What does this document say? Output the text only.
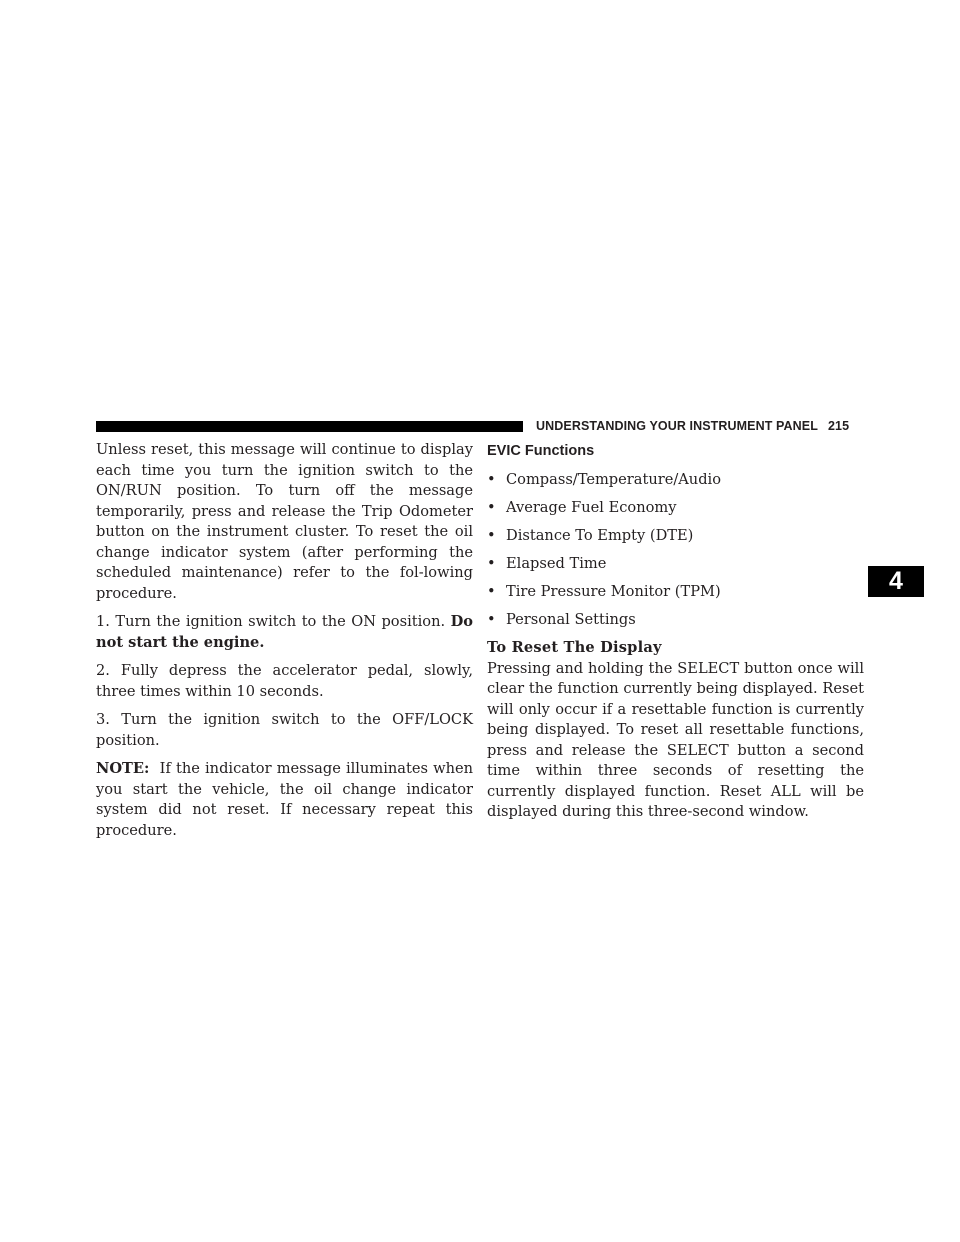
UNDERSTANDING YOUR INSTRUMENT PANEL 215
4

Unless reset, this message will continue to display each time you turn the ignition switch to the ON/RUN position. To turn off the message temporarily, press and release the Trip Odometer button on the instrument cluster. To reset the oil change indicator system (after performing the scheduled maintenance) refer to the fol-lowing procedure.

1. Turn the ignition switch to the ON position. Do not start the engine.

2. Fully depress the accelerator pedal, slowly, three times within 10 seconds.

3. Turn the ignition switch to the OFF/LOCK position.

NOTE:  If the indicator message illuminates when you start the vehicle, the oil change indicator system did not reset. If necessary repeat this procedure.

EVIC Functions
• Compass/Temperature/Audio
• Average Fuel Economy
• Distance To Empty (DTE)
• Elapsed Time
• Tire Pressure Monitor (TPM)
• Personal Settings

To Reset The Display

Pressing and holding the SELECT button once will clear the function currently being displayed. Reset will only occur if a resettable function is currently being displayed. To reset all resettable functions, press and release the SELECT button a second time within three seconds of resetting the currently displayed function. Reset ALL will be displayed during this three-second window.
